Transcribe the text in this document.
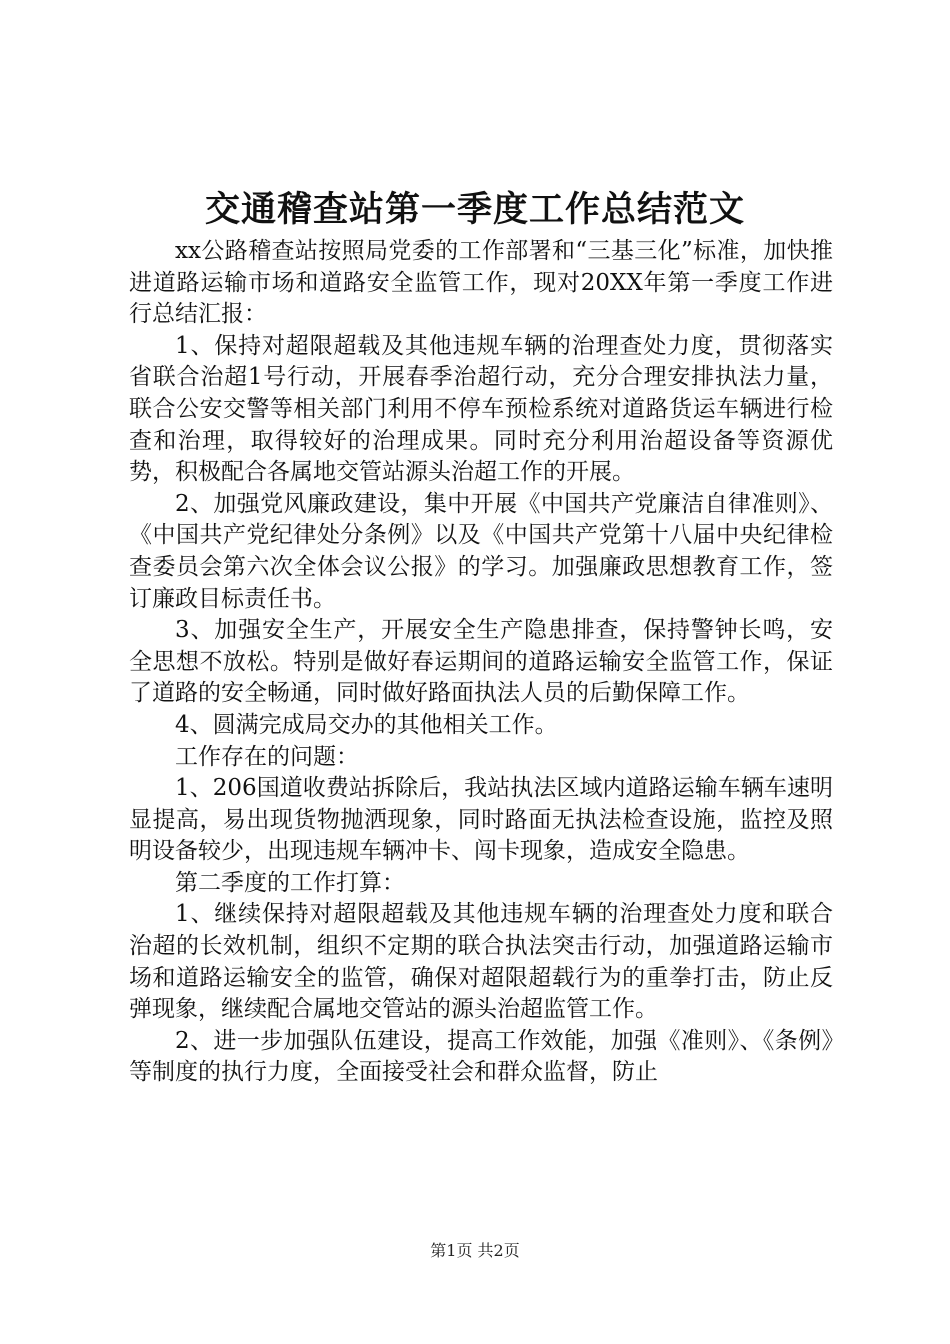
交通稽查站第一季度工作总结范文

xx公路稽查站按照局党委的工作部署和“三基三化”标准，加快推进道路运输市场和道路安全监管工作，现对20XX年第一季度工作进行总结汇报：

1、保持对超限超载及其他违规车辆的治理查处力度，贯彻落实省联合治超1号行动，开展春季治超行动，充分合理安排执法力量，联合公安交警等相关部门利用不停车预检系统对道路货运车辆进行检查和治理，取得较好的治理成果。同时充分利用治超设备等资源优势，积极配合各属地交管站源头治超工作的开展。

2、加强党风廉政建设，集中开展《中国共产党廉洁自律准则》、《中国共产党纪律处分条例》以及《中国共产党第十八届中央纪律检查委员会第六次全体会议公报》的学习。加强廉政思想教育工作，签订廉政目标责任书。

3、加强安全生产，开展安全生产隐患排查，保持警钟长鸣，安全思想不放松。特别是做好春运期间的道路运输安全监管工作，保证了道路的安全畅通，同时做好路面执法人员的后勤保障工作。

4、圆满完成局交办的其他相关工作。

工作存在的问题：

1、206国道收费站拆除后，我站执法区域内道路运输车辆车速明显提高，易出现货物抛洒现象，同时路面无执法检查设施，监控及照明设备较少，出现违规车辆冲卡、闯卡现象，造成安全隐患。

第二季度的工作打算：

1、继续保持对超限超载及其他违规车辆的治理查处力度和联合治超的长效机制，组织不定期的联合执法突击行动，加强道路运输市场和道路运输安全的监管，确保对超限超载行为的重拳打击，防止反弹现象，继续配合属地交管站的源头治超监管工作。

2、进一步加强队伍建设，提高工作效能，加强《准则》、《条例》等制度的执行力度，全面接受社会和群众监督，防止

第1页 共2页
